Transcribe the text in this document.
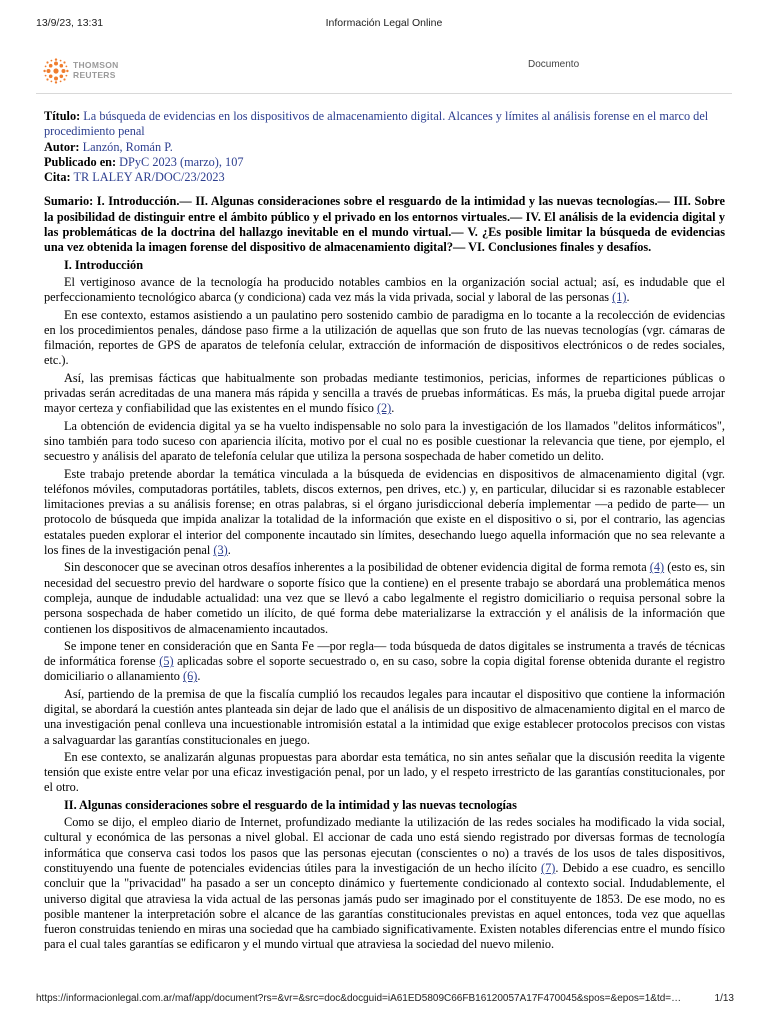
13/9/23, 13:31	Información Legal Online
THOMSON
REUTERS
Documento

Título: La búsqueda de evidencias en los dispositivos de almacenamiento digital. Alcances y límites al análisis forense en el marco del procedimiento penal

Autor: Lanzón, Román P.

Publicado en: DPyC 2023 (marzo), 107

Cita: TR LALEY AR/DOC/23/2023

Sumario: I. Introducción.— II. Algunas consideraciones sobre el resguardo de la intimidad y las nuevas tecnologías.— III. Sobre la posibilidad de distinguir entre el ámbito público y el privado en los entornos virtuales.— IV. El análisis de la evidencia digital y las problemáticas de la doctrina del hallazgo inevitable en el mundo virtual.— V. ¿Es posible limitar la búsqueda de evidencias una vez obtenida la imagen forense del dispositivo de almacenamiento digital?— VI. Conclusiones finales y desafíos.

I. Introducción

El vertiginoso avance de la tecnología ha producido notables cambios en la organización social actual; así, es indudable que el perfeccionamiento tecnológico abarca (y condiciona) cada vez más la vida privada, social y laboral de las personas (1).

En ese contexto, estamos asistiendo a un paulatino pero sostenido cambio de paradigma en lo tocante a la recolección de evidencias en los procedimientos penales, dándose paso firme a la utilización de aquellas que son fruto de las nuevas tecnologías (vgr. cámaras de filmación, reportes de GPS de aparatos de telefonía celular, extracción de información de dispositivos electrónicos o de redes sociales, etc.).

Así, las premisas fácticas que habitualmente son probadas mediante testimonios, pericias, informes de reparticiones públicas o privadas serán acreditadas de una manera más rápida y sencilla a través de pruebas informáticas. Es más, la prueba digital puede arrojar mayor certeza y confiabilidad que las existentes en el mundo físico (2).

La obtención de evidencia digital ya se ha vuelto indispensable no solo para la investigación de los llamados "delitos informáticos", sino también para todo suceso con apariencia ilícita, motivo por el cual no es posible cuestionar la relevancia que tiene, por ejemplo, el secuestro y análisis del aparato de telefonía celular que utiliza la persona sospechada de haber cometido un delito.

Este trabajo pretende abordar la temática vinculada a la búsqueda de evidencias en dispositivos de almacenamiento digital (vgr. teléfonos móviles, computadoras portátiles, tablets, discos externos, pen drives, etc.) y, en particular, dilucidar si es razonable establecer limitaciones previas a su análisis forense; en otras palabras, si el órgano jurisdiccional debería implementar —a pedido de parte— un protocolo de búsqueda que impida analizar la totalidad de la información que existe en el dispositivo o si, por el contrario, las agencias estatales pueden explorar el interior del componente incautado sin límites, desechando luego aquella información que no sea relevante a los fines de la investigación penal (3).

Sin desconocer que se avecinan otros desafíos inherentes a la posibilidad de obtener evidencia digital de forma remota (4) (esto es, sin necesidad del secuestro previo del hardware o soporte físico que la contiene) en el presente trabajo se abordará una problemática menos compleja, aunque de indudable actualidad: una vez que se llevó a cabo legalmente el registro domiciliario o requisa personal sobre la persona sospechada de haber cometido un ilícito, de qué forma debe materializarse la extracción y el análisis de la información que contienen los dispositivos de almacenamiento incautados.

Se impone tener en consideración que en Santa Fe —por regla— toda búsqueda de datos digitales se instrumenta a través de técnicas de informática forense (5) aplicadas sobre el soporte secuestrado o, en su caso, sobre la copia digital forense obtenida durante el registro domiciliario o allanamiento (6).

Así, partiendo de la premisa de que la fiscalía cumplió los recaudos legales para incautar el dispositivo que contiene la información digital, se abordará la cuestión antes planteada sin dejar de lado que el análisis de un dispositivo de almacenamiento digital en el marco de una investigación penal conlleva una incuestionable intromisión estatal a la intimidad que exige establecer protocolos precisos con vistas a salvaguardar las garantías constitucionales en juego.

En ese contexto, se analizarán algunas propuestas para abordar esta temática, no sin antes señalar que la discusión reedita la vigente tensión que existe entre velar por una eficaz investigación penal, por un lado, y el respeto irrestricto de las garantías constitucionales, por el otro.

II. Algunas consideraciones sobre el resguardo de la intimidad y las nuevas tecnologías

Como se dijo, el empleo diario de Internet, profundizado mediante la utilización de las redes sociales ha modificado la vida social, cultural y económica de las personas a nivel global. El accionar de cada uno está siendo registrado por diversas formas de tecnología informática que conserva casi todos los pasos que las personas ejecutan (conscientes o no) a través de los usos de tales dispositivos, constituyendo una fuente de potenciales evidencias útiles para la investigación de un hecho ilícito (7). Debido a ese cuadro, es sencillo concluir que la "privacidad" ha pasado a ser un concepto dinámico y fuertemente condicionado al contexto social. Indudablemente, el universo digital que atraviesa la vida actual de las personas jamás pudo ser imaginado por el constituyente de 1853. De ese modo, no es posible mantener la interpretación sobre el alcance de las garantías constitucionales previstas en aquel entonces, toda vez que aquellas fueron construidas teniendo en miras una sociedad que ha cambiado significativamente. Existen notables diferencias entre el mundo físico para el cual tales garantías se edificaron y el mundo virtual que atraviesa la sociedad del nuevo milenio.

https://informacionlegal.com.ar/maf/app/document?rs=&vr=&src=doc&docguid=iA61ED5809C66FB16120057A17F470045&spos=&epos=1&td=…	1/13
